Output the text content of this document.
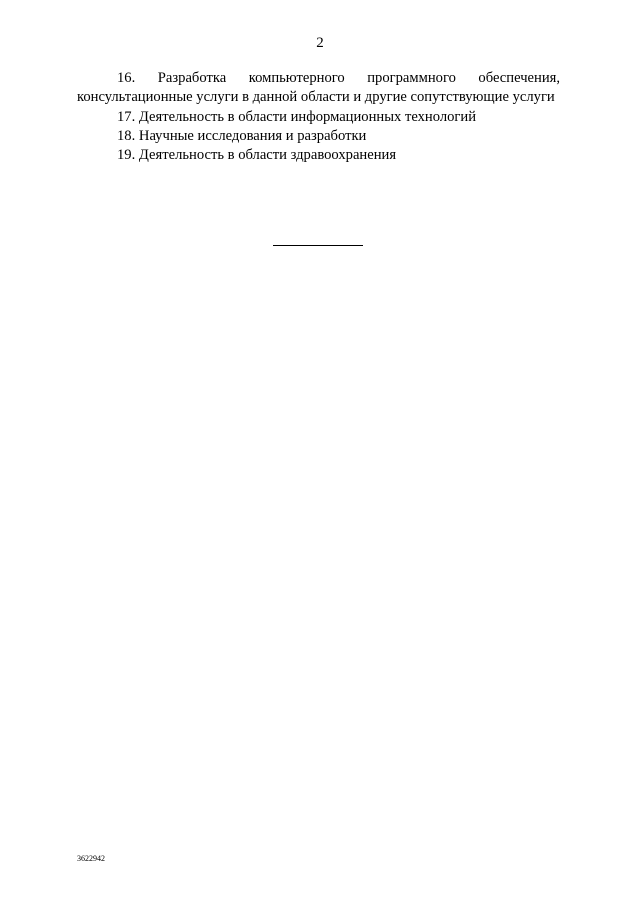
2

16. Разработка компьютерного программного обеспечения, консультационные услуги в данной области и другие сопутствующие услуги

17. Деятельность в области информационных технологий

18. Научные исследования и разработки

19. Деятельность в области здравоохранения

3622942
